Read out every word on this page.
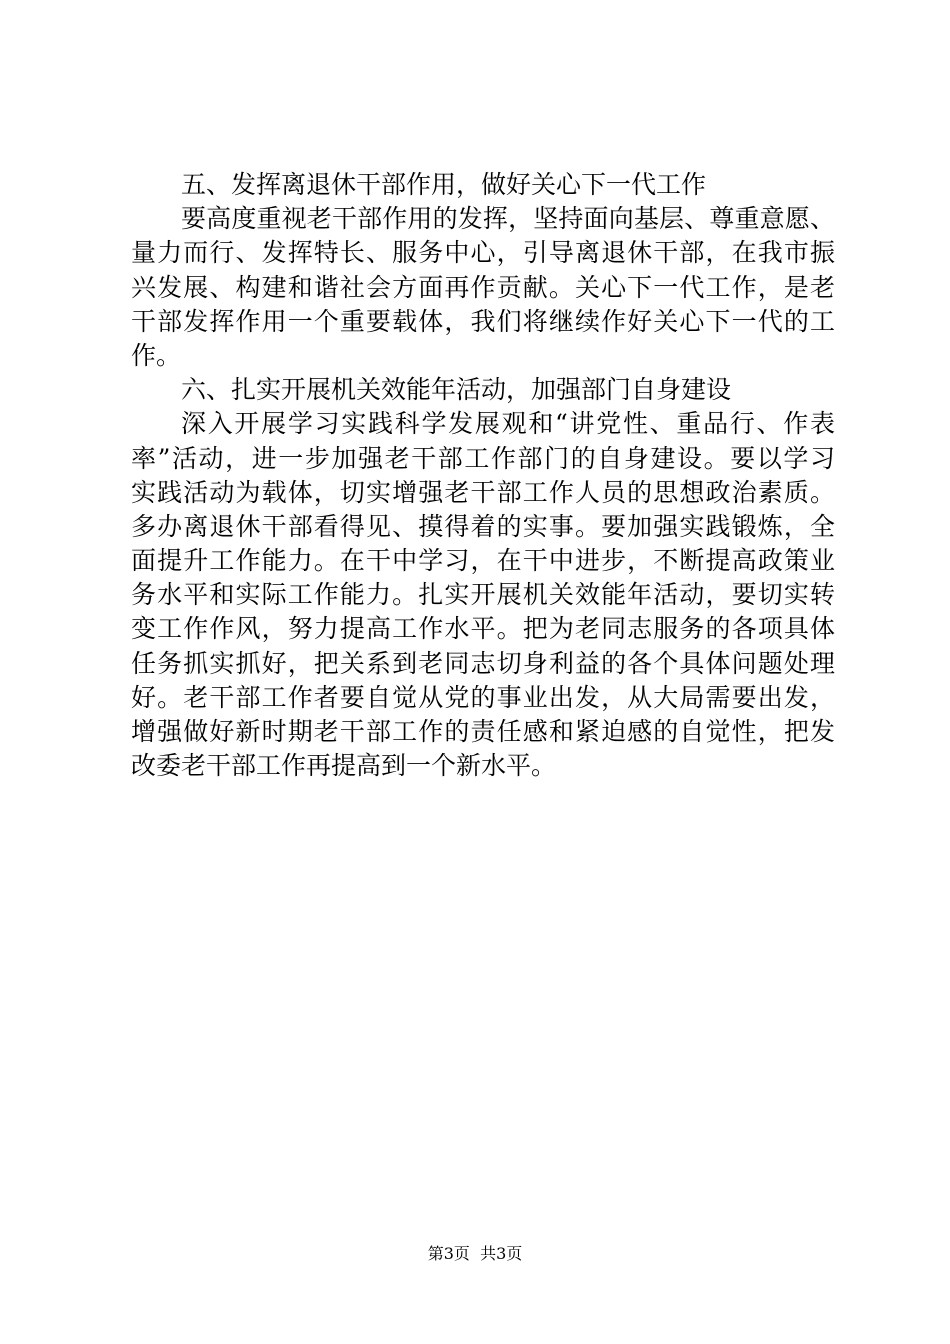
五、发挥离退休干部作用，做好关心下一代工作
要高度重视老干部作用的发挥，坚持面向基层、尊重意愿、
量力而行、发挥特长、服务中心，引导离退休干部，在我市振
兴发展、构建和谐社会方面再作贡献。关心下一代工作，是老
干部发挥作用一个重要载体，我们将继续作好关心下一代的工
作。
六、扎实开展机关效能年活动，加强部门自身建设
深入开展学习实践科学发展观和“讲党性、重品行、作表
率”活动，进一步加强老干部工作部门的自身建设。要以学习
实践活动为载体，切实增强老干部工作人员的思想政治素质。
多办离退休干部看得见、摸得着的实事。要加强实践锻炼，全
面提升工作能力。在干中学习，在干中进步，不断提高政策业
务水平和实际工作能力。扎实开展机关效能年活动，要切实转
变工作作风，努力提高工作水平。把为老同志服务的各项具体
任务抓实抓好，把关系到老同志切身利益的各个具体问题处理
好。老干部工作者要自觉从党的事业出发，从大局需要出发，
增强做好新时期老干部工作的责任感和紧迫感的自觉性，把发
改委老干部工作再提高到一个新水平。
第3页  共3页
